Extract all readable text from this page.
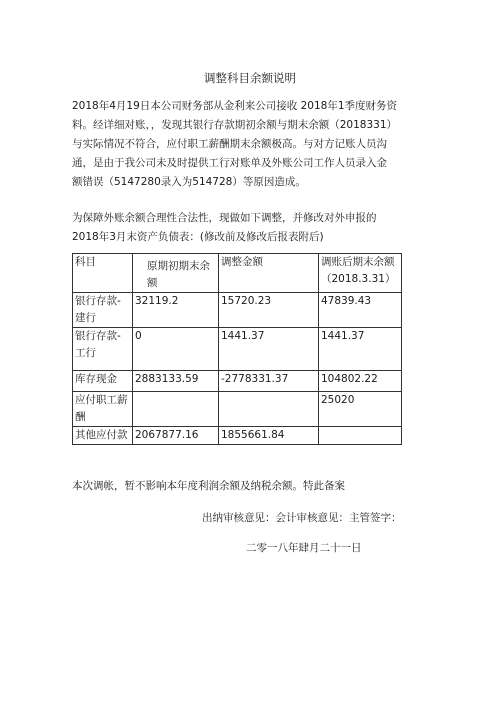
调整科目余额说明

2018年4月19日本公司财务部从金利来公司接收 2018年1季度财务资料。经详细对账，，发现其银行存款期初余额与期末余额（2018331）与实际情况不符合，应付职工薪酬期末余额极高。与对方记账人员沟通，是由于我公司未及时提供工行对账单及外账公司工作人员录入金额错误（5147280录入为514728）等原因造成。

为保障外账余额合理性合法性，现做如下调整，并修改对外申报的2018年3月末资产负债表：(修改前及修改后报表附后)

科目	原期初期末余 额	调整金额	调账后期末余额
（2018.3.31）

银行存款-建行	32119.2	15720.23	47839.43
银行存款-工行	0	1441.37	1441.37
库存现金	2883133.59	-2778331.37	104802.22
应付职工薪酬			25020
其他应付款	2067877.16	1855661.84	
本次调帐，暂不影响本年度利润余额及纳税余额。特此备案
出纳审核意见：会计审核意见：主管签字：
二零一八年肆月二十一日
